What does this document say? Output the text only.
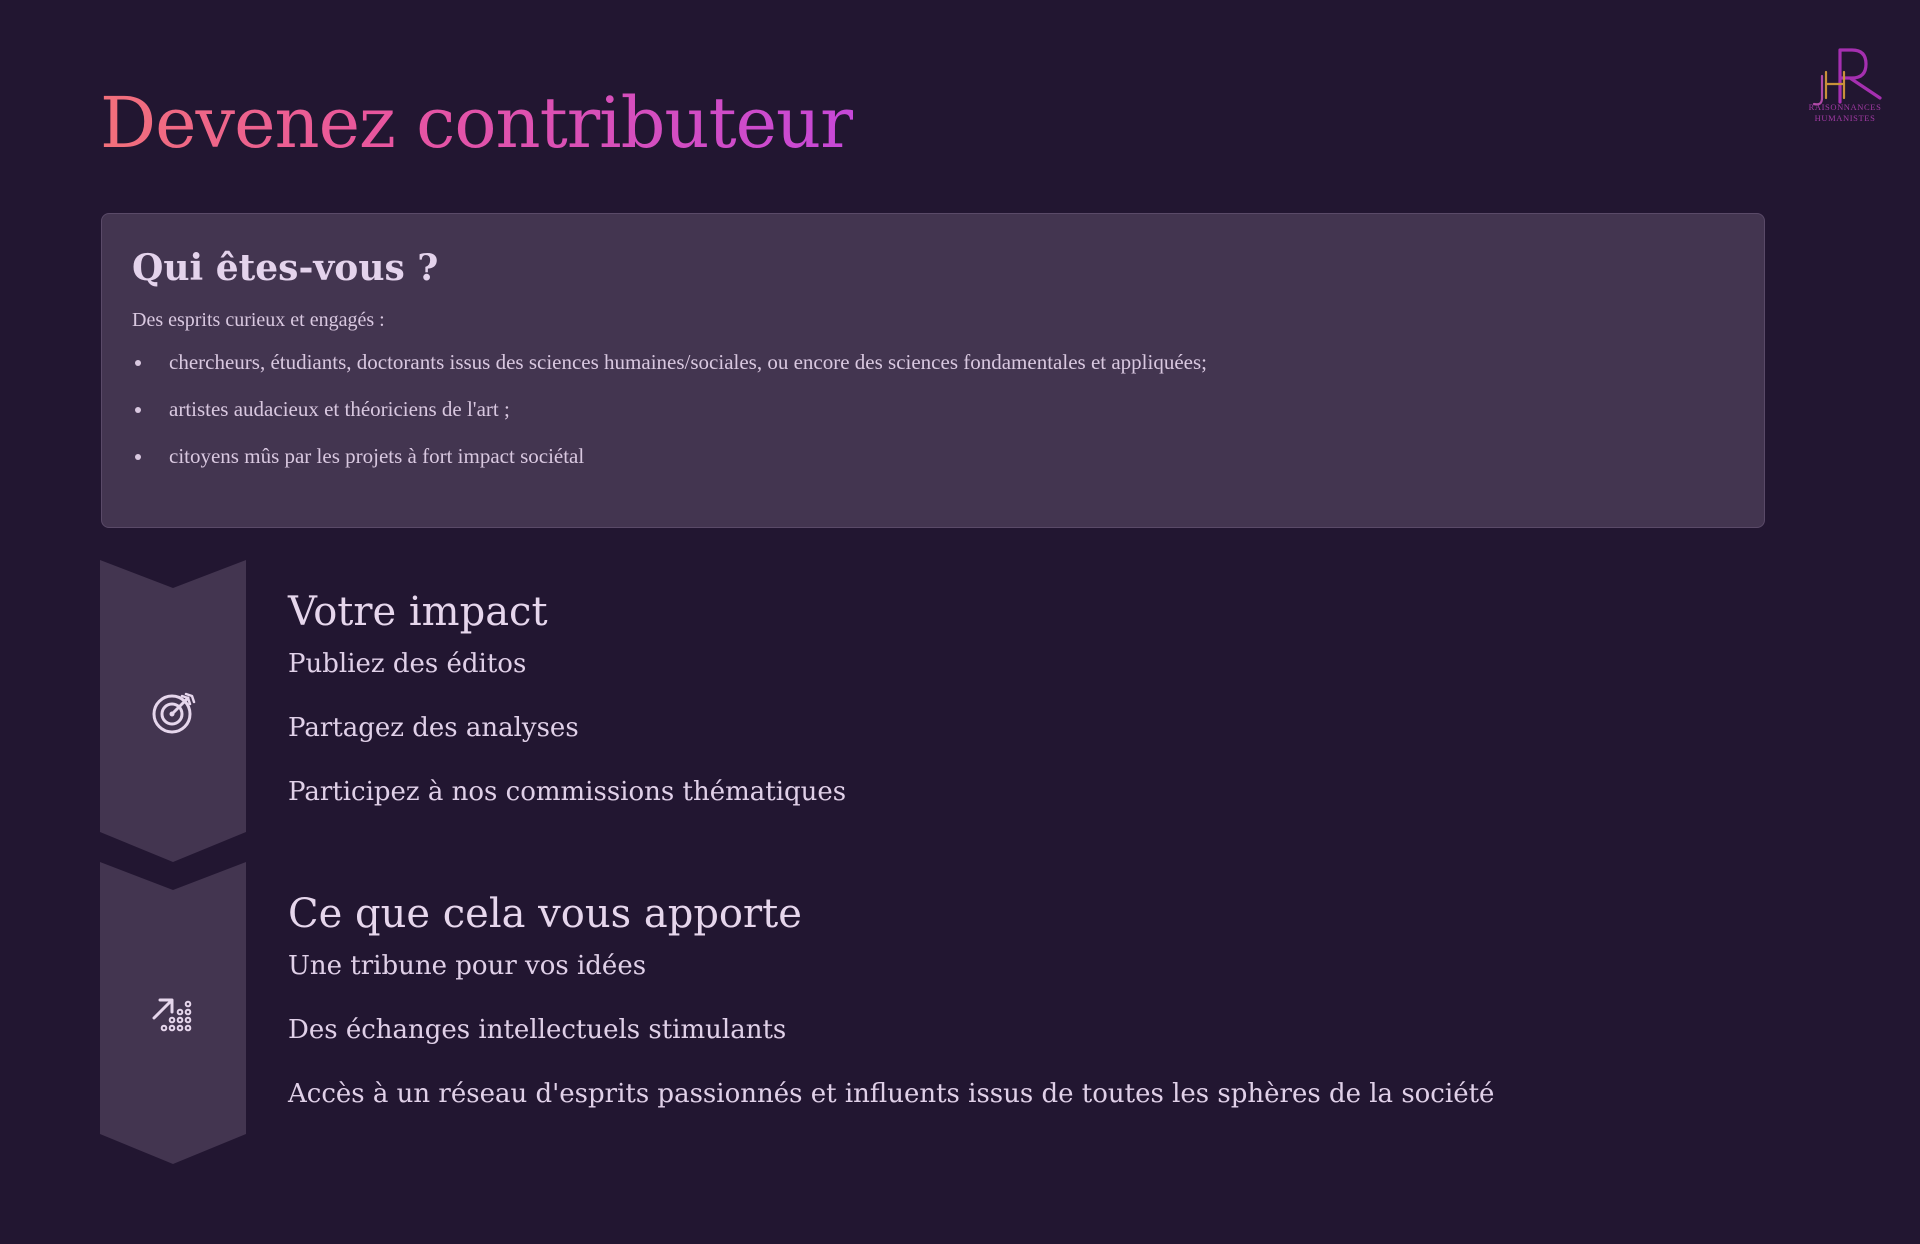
Devenez contributeur	RAISONNANCES
HUMANISTES
Qui êtes-vous ?

Des esprits curieux et engagés :

chercheurs, étudiants, doctorants issus des sciences humaines/sociales, ou encore des sciences fondamentales et appliquées;
artistes audacieux et théoriciens de l'art ;
citoyens mûs par les projets à fort impact sociétal
Votre impact
Publiez des éditos
Partagez des analyses
Participez à nos commissions thématiques
Ce que cela vous apporte
Une tribune pour vos idées
Des échanges intellectuels stimulants
Accès à un réseau d'esprits passionnés et influents issus de toutes les sphères de la société
